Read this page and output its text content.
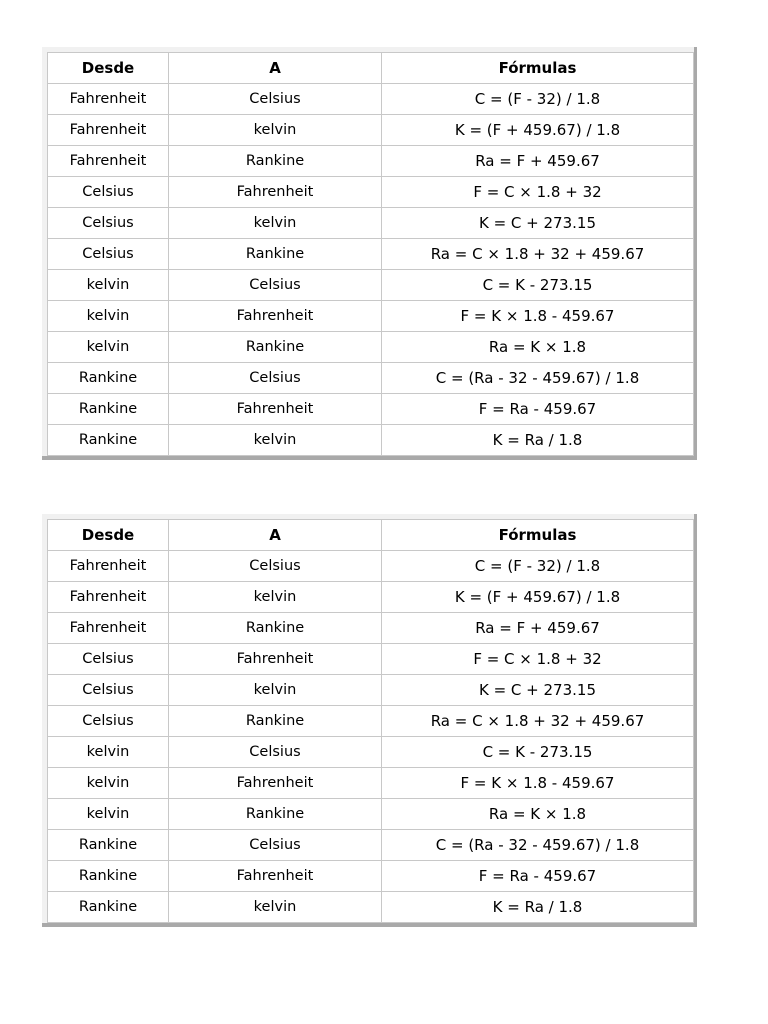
Desde	A	Fórmulas
Fahrenheit	Celsius	C = (F - 32) / 1.8
Fahrenheit	kelvin	K = (F + 459.67) / 1.8
Fahrenheit	Rankine	Ra = F + 459.67
Celsius	Fahrenheit	F = C × 1.8 + 32
Celsius	kelvin	K = C + 273.15
Celsius	Rankine	Ra = C × 1.8 + 32 + 459.67
kelvin	Celsius	C = K - 273.15
kelvin	Fahrenheit	F = K × 1.8 - 459.67
kelvin	Rankine	Ra = K × 1.8
Rankine	Celsius	C = (Ra - 32 - 459.67) / 1.8
Rankine	Fahrenheit	F = Ra - 459.67
Rankine	kelvin	K = Ra / 1.8
Desde	A	Fórmulas
Fahrenheit	Celsius	C = (F - 32) / 1.8
Fahrenheit	kelvin	K = (F + 459.67) / 1.8
Fahrenheit	Rankine	Ra = F + 459.67
Celsius	Fahrenheit	F = C × 1.8 + 32
Celsius	kelvin	K = C + 273.15
Celsius	Rankine	Ra = C × 1.8 + 32 + 459.67
kelvin	Celsius	C = K - 273.15
kelvin	Fahrenheit	F = K × 1.8 - 459.67
kelvin	Rankine	Ra = K × 1.8
Rankine	Celsius	C = (Ra - 32 - 459.67) / 1.8
Rankine	Fahrenheit	F = Ra - 459.67
Rankine	kelvin	K = Ra / 1.8
